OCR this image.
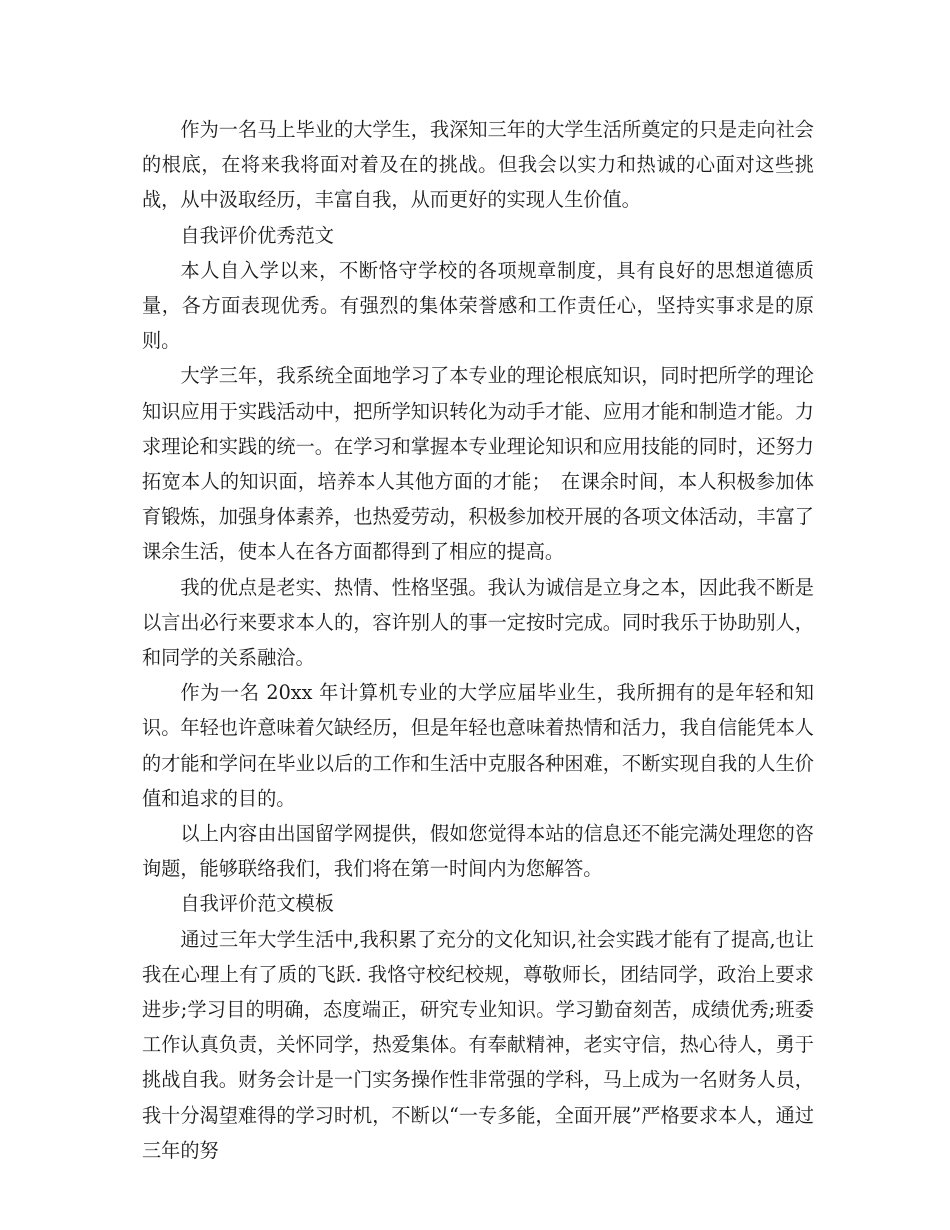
作为一名马上毕业的大学生，我深知三年的大学生活所奠定的只是走向社会的根底，在将来我将面对着及在的挑战。但我会以实力和热诚的心面对这些挑战，从中汲取经历，丰富自我，从而更好的实现人生价值。

自我评价优秀范文

本人自入学以来，不断恪守学校的各项规章制度，具有良好的思想道德质量，各方面表现优秀。有强烈的集体荣誉感和工作责任心，坚持实事求是的原则。

大学三年，我系统全面地学习了本专业的理论根底知识，同时把所学的理论知识应用于实践活动中，把所学知识转化为动手才能、应用才能和制造才能。力求理论和实践的统一。在学习和掌握本专业理论知识和应用技能的同时，还努力拓宽本人的知识面，培养本人其他方面的才能；　在课余时间，本人积极参加体育锻炼，加强身体素养，也热爱劳动，积极参加校开展的各项文体活动，丰富了课余生活，使本人在各方面都得到了相应的提高。

我的优点是老实、热情、性格坚强。我认为诚信是立身之本，因此我不断是以言出必行来要求本人的，容许别人的事一定按时完成。同时我乐于协助别人，和同学的关系融洽。

作为一名 20xx 年计算机专业的大学应届毕业生，我所拥有的是年轻和知识。年轻也许意味着欠缺经历，但是年轻也意味着热情和活力，我自信能凭本人的才能和学问在毕业以后的工作和生活中克服各种困难，不断实现自我的人生价值和追求的目的。

以上内容由出国留学网提供，假如您觉得本站的信息还不能完满处理您的咨询题，能够联络我们，我们将在第一时间内为您解答。

自我评价范文模板

通过三年大学生活中,我积累了充分的文化知识,社会实践才能有了提高,也让我在心理上有了质的飞跃. 我恪守校纪校规，尊敬师长，团结同学，政治上要求进步;学习目的明确，态度端正，研究专业知识。学习勤奋刻苦，成绩优秀;班委工作认真负责，关怀同学，热爱集体。有奉献精神，老实守信，热心待人，勇于挑战自我。财务会计是一门实务操作性非常强的学科，马上成为一名财务人员，我十分渴望难得的学习时机，不断以“一专多能，全面开展”严格要求本人，通过三年的努
